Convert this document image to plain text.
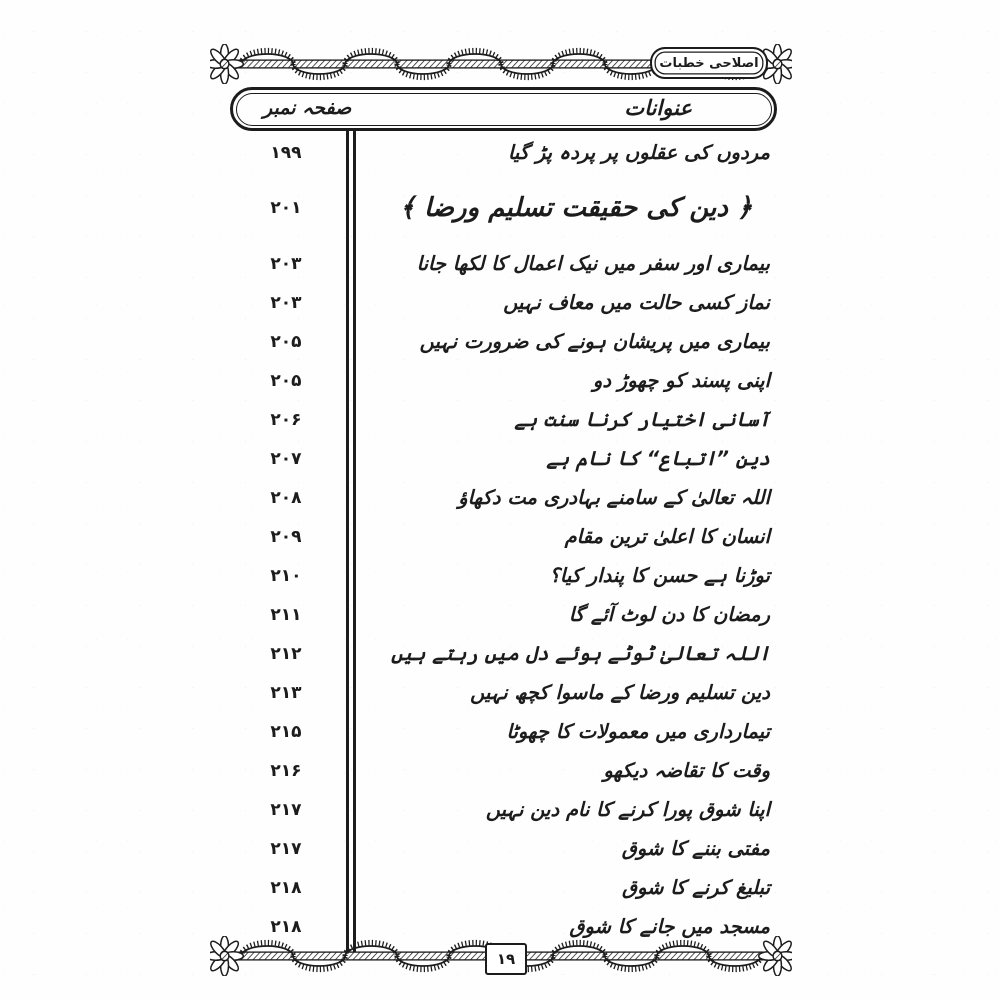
اصلاحی خطبات
صفحہ نمبر	عنوانات
۱۹۹	مردوں کی عقلوں پر پردہ پڑ گیا
۲۰۱	﴿ دین کی حقیقت تسلیم ورضا ﴾
۲۰۳	بیماری اور سفر میں نیک اعمال کا لکھا جانا
۲۰۳	نماز کسی حالت میں معاف نہیں
۲۰۵	بیماری میں پریشان ہونے کی ضرورت نہیں
۲۰۵	اپنی پسند کو چھوڑ دو
۲۰۶	آسانی اختیار کرنا سنت ہے
۲۰۷	دین ”اتباع“ کا نام ہے
۲۰۸	اللہ تعالیٰ کے سامنے بہادری مت دکھاؤ
۲۰۹	انسان کا اعلیٰ ترین مقام
۲۱۰	توڑنا ہے حسن کا پندار کیا؟
۲۱۱	رمضان کا دن لوٹ آئے گا
۲۱۲	اللہ تعالیٰ ٹوٹے ہوئے دل میں رہتے ہیں
۲۱۳	دین تسلیم ورضا کے ماسوا کچھ نہیں
۲۱۵	تیمارداری میں معمولات کا چھوٹا
۲۱۶	وقت کا تقاضہ دیکھو
۲۱۷	اپنا شوق پورا کرنے کا نام دین نہیں
۲۱۷	مفتی بننے کا شوق
۲۱۸	تبلیغ کرنے کا شوق
۲۱۸	مسجد میں جانے کا شوق
۱۹
